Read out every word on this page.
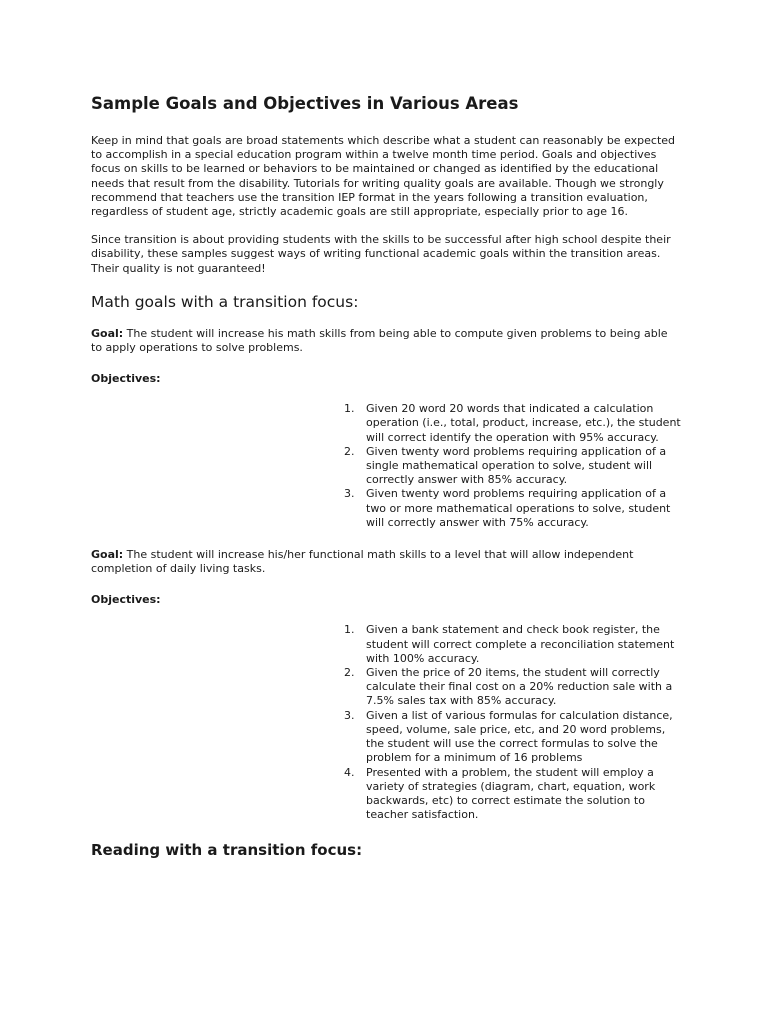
Sample Goals and Objectives in Various Areas

Keep in mind that goals are broad statements which describe what a student can reasonably be expected to accomplish in a special education program within a twelve month time period. Goals and objectives focus on skills to be learned or behaviors to be maintained or changed as identified by the educational needs that result from the disability. Tutorials for writing quality goals are available. Though we strongly recommend that teachers use the transition IEP format in the years following a transition evaluation, regardless of student age, strictly academic goals are still appropriate, especially prior to age 16.

Since transition is about providing students with the skills to be successful after high school despite their disability, these samples suggest ways of writing functional academic goals within the transition areas. Their quality is not guaranteed!

Math goals with a transition focus:

Goal: The student will increase his math skills from being able to compute given problems to being able to apply operations to solve problems.

Objectives:
1. Given 20 word 20 words that indicated a calculation operation (i.e., total, product, increase, etc.), the student will correct identify the operation with 95% accuracy.
2. Given twenty word problems requiring application of a single mathematical operation to solve, student will correctly answer with 85% accuracy.
3. Given twenty word problems requiring application of a two or more mathematical operations to solve, student will correctly answer with 75% accuracy.

Goal: The student will increase his/her functional math skills to a level that will allow independent completion of daily living tasks.

Objectives:
1. Given a bank statement and check book register, the student will correct complete a reconciliation statement with 100% accuracy.
2. Given the price of 20 items, the student will correctly calculate their final cost on a 20% reduction sale with a 7.5% sales tax with 85% accuracy.
3. Given a list of various formulas for calculation distance, speed, volume, sale price, etc, and 20 word problems, the student will use the correct formulas to solve the problem for a minimum of 16 problems
4. Presented with a problem, the student will employ a variety of strategies (diagram, chart, equation, work backwards, etc) to correct estimate the solution to teacher satisfaction.
Reading with a transition focus:
